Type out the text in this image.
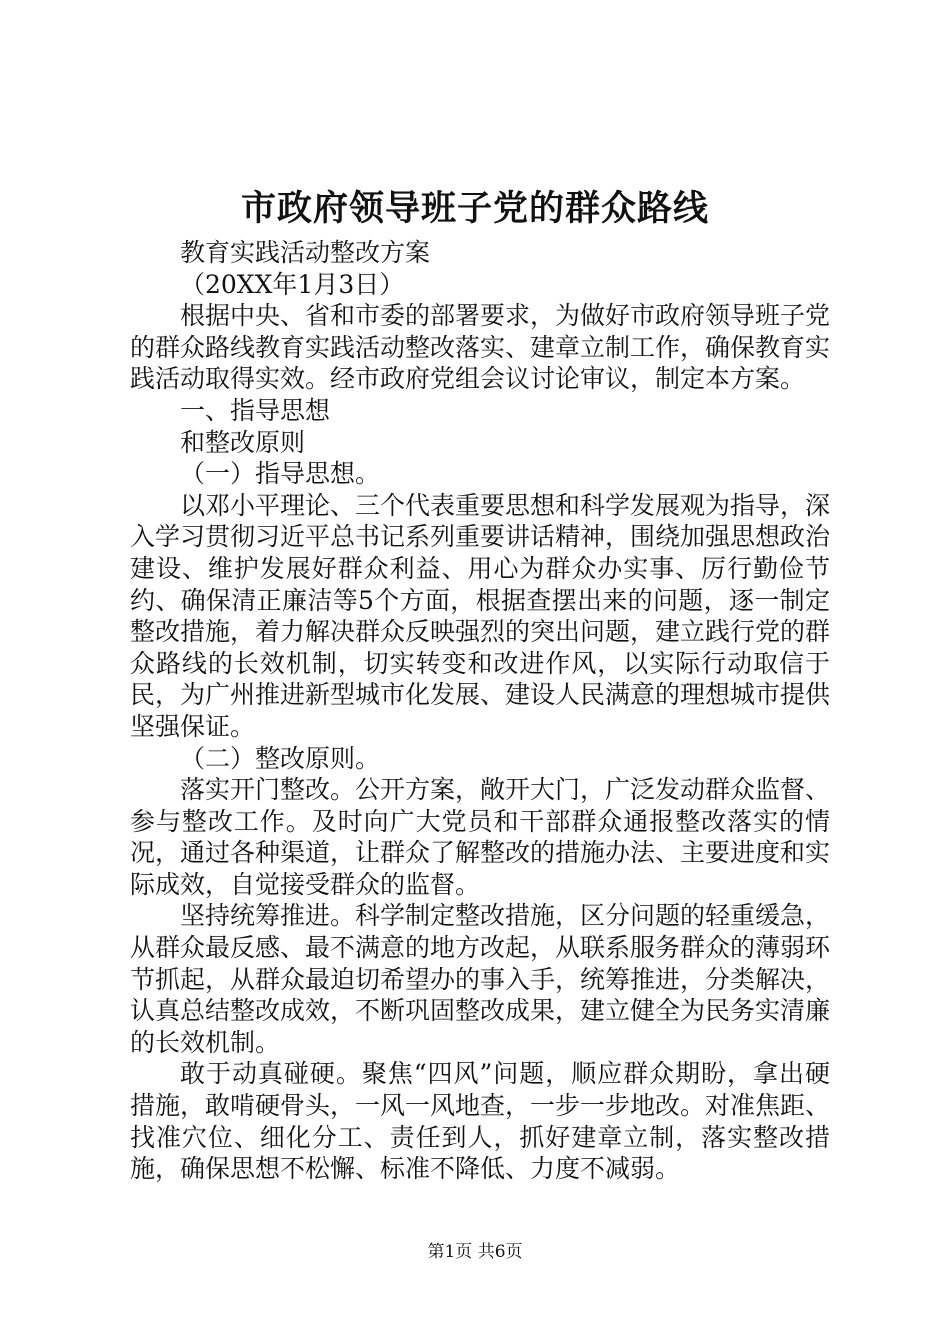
市政府领导班子党的群众路线

教育实践活动整改方案

（20XX年1月3日）

根据中央、省和市委的部署要求，为做好市政府领导班子党的群众路线教育实践活动整改落实、建章立制工作，确保教育实践活动取得实效。经市政府党组会议讨论审议，制定本方案。

一、指导思想

和整改原则

（一）指导思想。

以邓小平理论、三个代表重要思想和科学发展观为指导，深入学习贯彻习近平总书记系列重要讲话精神，围绕加强思想政治建设、维护发展好群众利益、用心为群众办实事、厉行勤俭节约、确保清正廉洁等5个方面，根据查摆出来的问题，逐一制定整改措施，着力解决群众反映强烈的突出问题，建立践行党的群众路线的长效机制，切实转变和改进作风，以实际行动取信于民，为广州推进新型城市化发展、建设人民满意的理想城市提供坚强保证。

（二）整改原则。

落实开门整改。公开方案，敞开大门，广泛发动群众监督、参与整改工作。及时向广大党员和干部群众通报整改落实的情况，通过各种渠道，让群众了解整改的措施办法、主要进度和实际成效，自觉接受群众的监督。

坚持统筹推进。科学制定整改措施，区分问题的轻重缓急，从群众最反感、最不满意的地方改起，从联系服务群众的薄弱环节抓起，从群众最迫切希望办的事入手，统筹推进，分类解决，认真总结整改成效，不断巩固整改成果，建立健全为民务实清廉的长效机制。

敢于动真碰硬。聚焦“四风”问题，顺应群众期盼，拿出硬措施，敢啃硬骨头，一风一风地查，一步一步地改。对准焦距、找准穴位、细化分工、责任到人，抓好建章立制，落实整改措施，确保思想不松懈、标准不降低、力度不减弱。

第1页 共6页
